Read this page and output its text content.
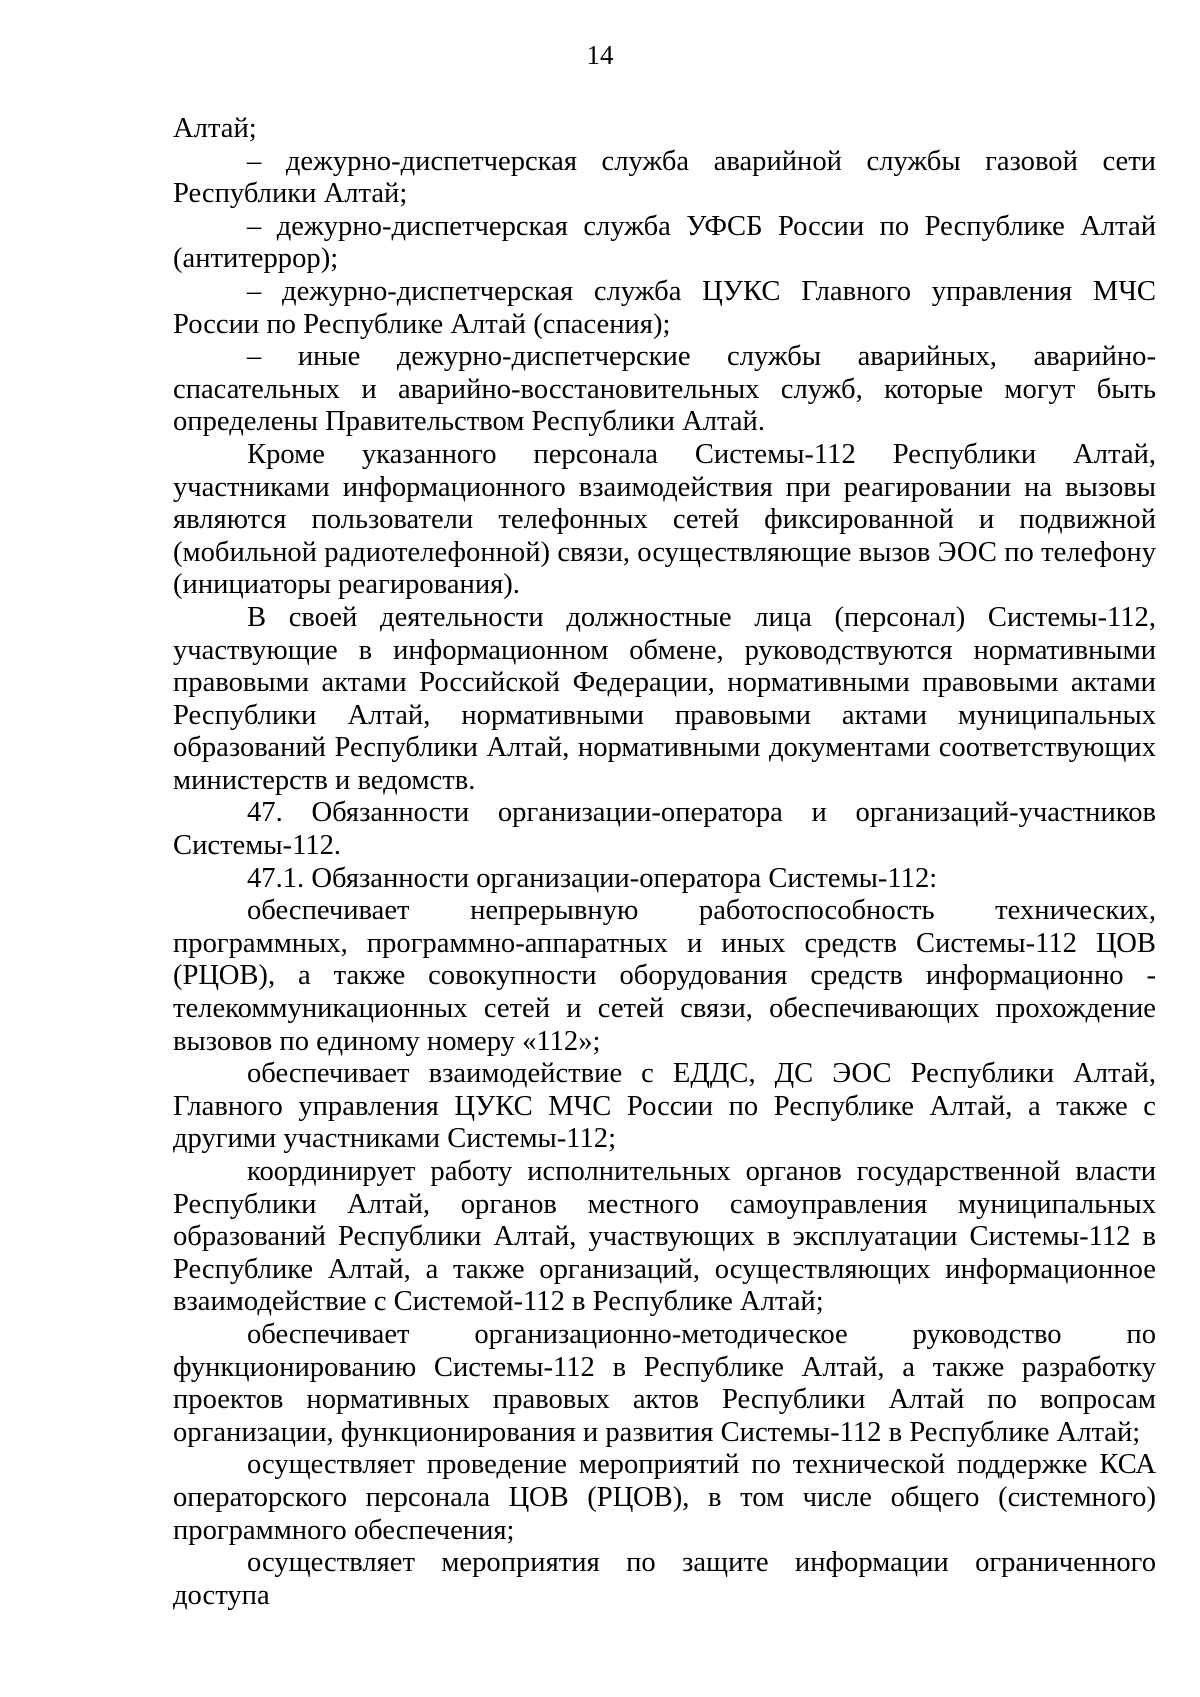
14

Алтай;

– дежурно-диспетчерская служба аварийной службы газовой сети Республики Алтай;

– дежурно-диспетчерская служба УФСБ России по Республике Алтай (антитеррор);

– дежурно-диспетчерская служба ЦУКС Главного управления МЧС России по Республике Алтай (спасения);

– иные дежурно-диспетчерские службы аварийных, аварийно- спасательных и аварийно-восстановительных служб, которые могут быть определены Правительством Республики Алтай.

Кроме указанного персонала Системы-112 Республики Алтай, участниками информационного взаимодействия при реагировании на вызовы являются пользователи телефонных сетей фиксированной и подвижной (мобильной радиотелефонной) связи, осуществляющие вызов ЭОС по телефону (инициаторы реагирования).

В своей деятельности должностные лица (персонал) Системы-112, участвующие в информационном обмене, руководствуются нормативными правовыми актами Российской Федерации, нормативными правовыми актами Республики Алтай, нормативными правовыми актами муниципальных образований Республики Алтай, нормативными документами соответствующих министерств и ведомств.

47. Обязанности организации-оператора и организаций-участников Системы-112.

47.1. Обязанности организации-оператора Системы-112:

обеспечивает непрерывную работоспособность технических, программных, программно-аппаратных и иных средств Системы-112 ЦОВ (РЦОВ), а также совокупности оборудования средств информационно - телекоммуникационных сетей и сетей связи, обеспечивающих прохождение вызовов по единому номеру «112»;

обеспечивает взаимодействие с ЕДДС, ДС ЭОС Республики Алтай, Главного управления ЦУКС МЧС России по Республике Алтай, а также с другими участниками Системы-112;

координирует работу исполнительных органов государственной власти Республики Алтай, органов местного самоуправления муниципальных образований Республики Алтай, участвующих в эксплуатации Системы-112 в Республике Алтай, а также организаций, осуществляющих информационное взаимодействие с Системой-112 в Республике Алтай;

обеспечивает организационно-методическое руководство по функционированию Системы-112 в Республике Алтай, а также разработку проектов нормативных правовых актов Республики Алтай по вопросам организации, функционирования и развития Системы-112 в Республике Алтай;

осуществляет проведение мероприятий по технической поддержке КСА операторского персонала ЦОВ (РЦОВ), в том числе общего (системного) программного обеспечения;

осуществляет мероприятия по защите информации ограниченного доступа
